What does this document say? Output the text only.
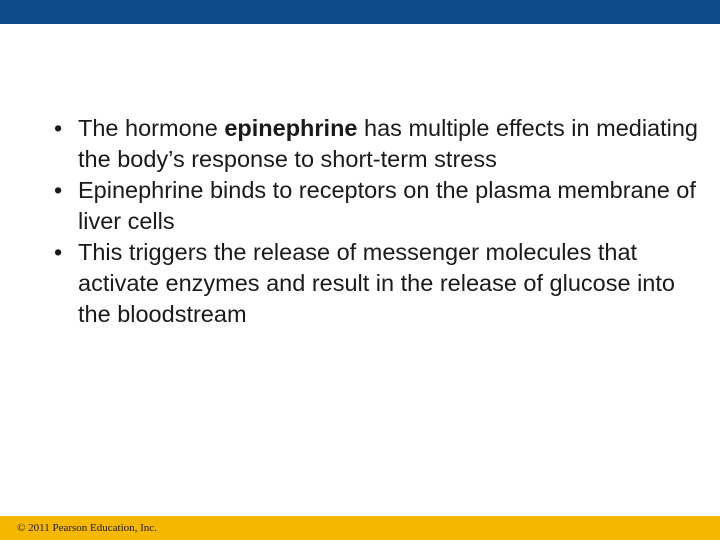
• The hormone epinephrine has multiple effects in mediating the body’s response to short-term stress

• Epinephrine binds to receptors on the plasma membrane of liver cells

• This triggers the release of messenger molecules that activate enzymes and result in the release of glucose into the bloodstream

© 2011 Pearson Education, Inc.
